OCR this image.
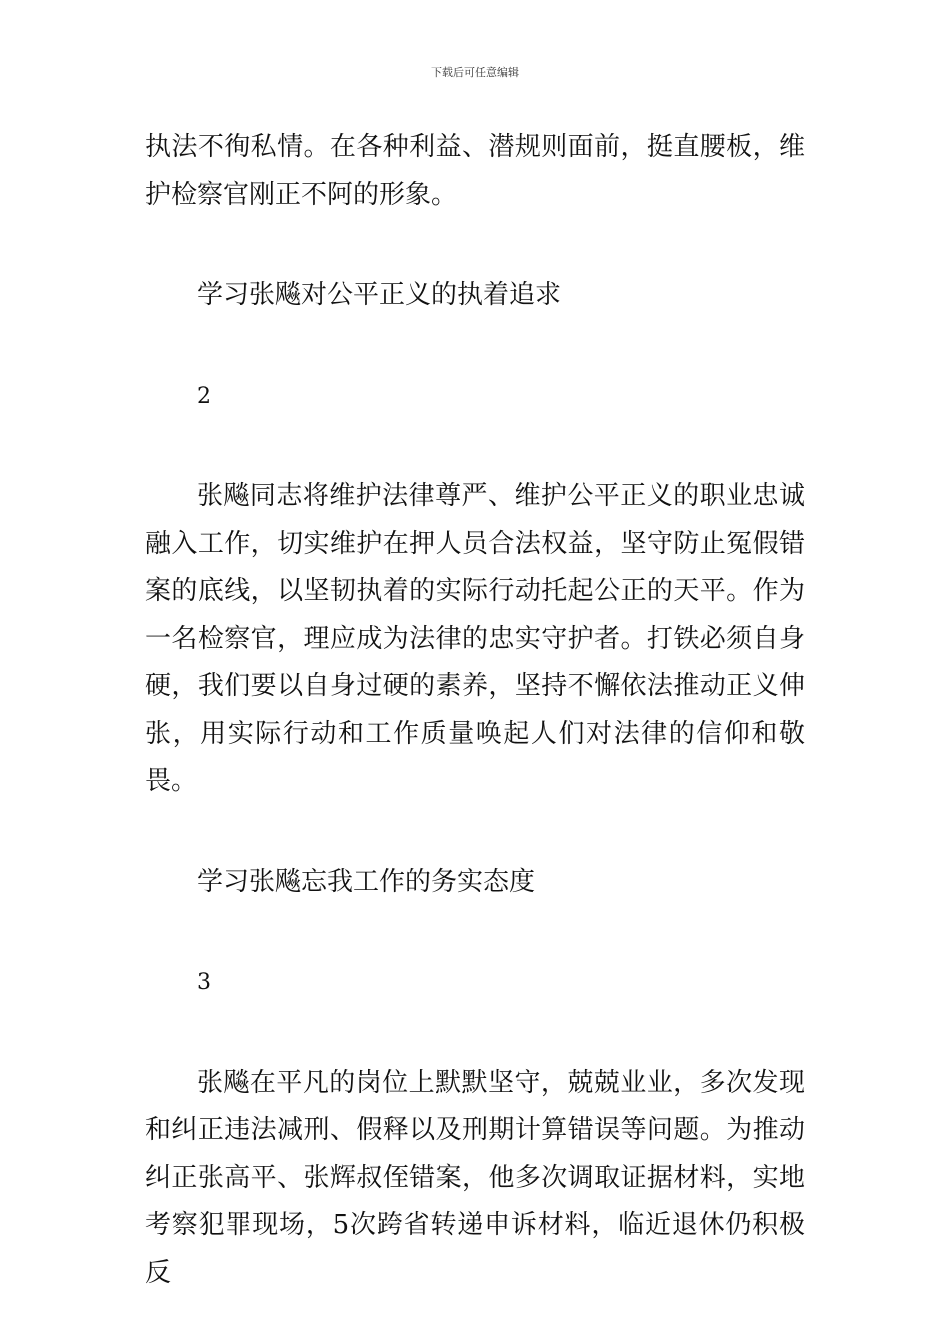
下载后可任意编辑

执法不徇私情。在各种利益、潜规则面前，挺直腰板，维护检察官刚正不阿的形象。

学习张飚对公平正义的执着追求

2

张飚同志将维护法律尊严、维护公平正义的职业忠诚融入工作，切实维护在押人员合法权益，坚守防止冤假错案的底线，以坚韧执着的实际行动托起公正的天平。作为一名检察官，理应成为法律的忠实守护者。打铁必须自身硬，我们要以自身过硬的素养，坚持不懈依法推动正义伸张，用实际行动和工作质量唤起人们对法律的信仰和敬畏。

学习张飚忘我工作的务实态度

3

张飚在平凡的岗位上默默坚守，兢兢业业，多次发现和纠正违法减刑、假释以及刑期计算错误等问题。为推动纠正张高平、张辉叔侄错案，他多次调取证据材料，实地考察犯罪现场，5次跨省转递申诉材料，临近退休仍积极反
